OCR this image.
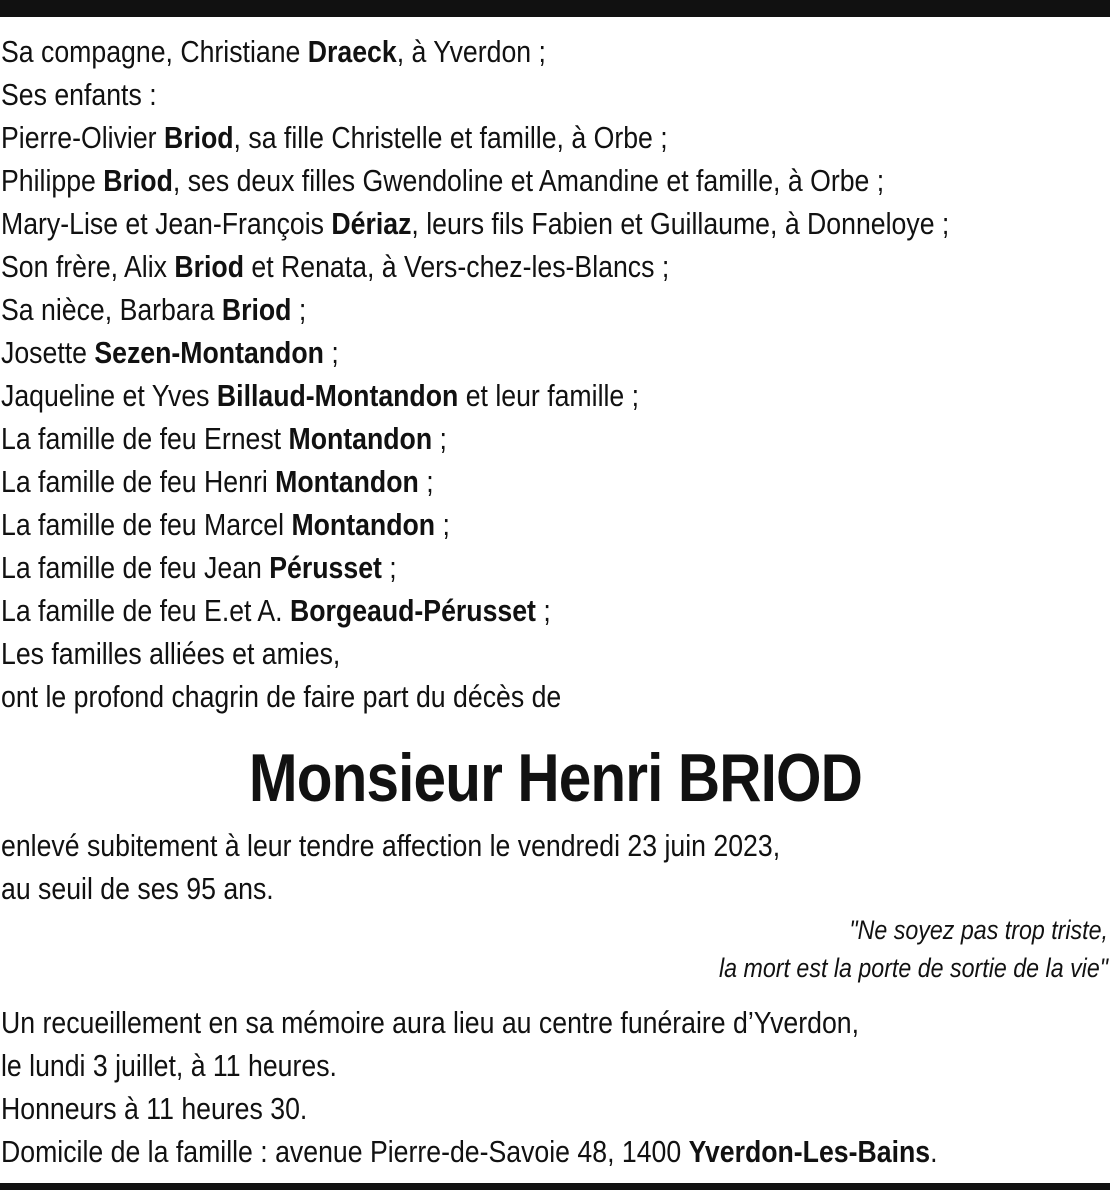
Sa compagne, Christiane Draeck, à Yverdon ;
Ses enfants :
Pierre-Olivier Briod, sa fille Christelle et famille, à Orbe ;
Philippe Briod, ses deux filles Gwendoline et Amandine et famille, à Orbe ;
Mary-Lise et Jean-François Dériaz, leurs fils Fabien et Guillaume, à Donneloye ;
Son frère, Alix Briod et Renata, à Vers-chez-les-Blancs ;
Sa nièce, Barbara Briod ;
Josette Sezen-Montandon ;
Jaqueline et Yves Billaud-Montandon et leur famille ;
La famille de feu Ernest Montandon ;
La famille de feu Henri Montandon ;
La famille de feu Marcel Montandon ;
La famille de feu Jean Pérusset ;
La famille de feu E.et A. Borgeaud-Pérusset ;
Les familles alliées et amies,
ont le profond chagrin de faire part du décès de
Monsieur Henri BRIOD
enlevé subitement à leur tendre affection le vendredi 23 juin 2023,
au seuil de ses 95 ans.
"Ne soyez pas trop triste,
la mort est la porte de sortie de la vie"
Un recueillement en sa mémoire aura lieu au centre funéraire d’Yverdon,
le lundi 3 juillet, à 11 heures.
Honneurs à 11 heures 30.
Domicile de la famille : avenue Pierre-de-Savoie 48, 1400 Yverdon-Les-Bains.
